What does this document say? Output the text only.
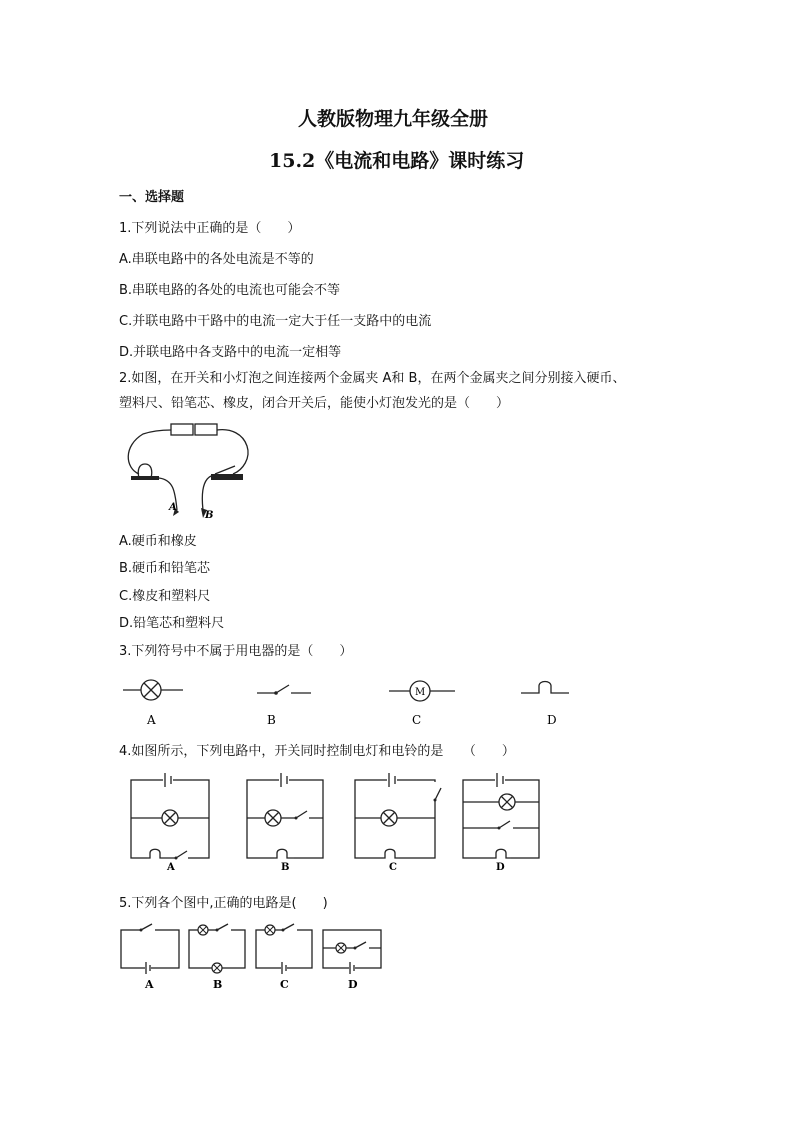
人教版物理九年级全册
15.2《电流和电路》课时练习
一、选择题
1.下列说法中正确的是（　　）
A.串联电路中的各处电流是不等的
B.串联电路的各处的电流也可能会不等
C.并联电路中干路中的电流一定大于任一支路中的电流
D.并联电路中各支路中的电流一定相等
2.如图，在开关和小灯泡之间连接两个金属夹 A和 B，在两个金属夹之间分别接入硬币、
塑料尺、铅笔芯、橡皮，闭合开关后，能使小灯泡发光的是（　　）
A
B
A.硬币和橡皮
B.硬币和铅笔芯
C.橡皮和塑料尺
D.铅笔芯和塑料尺
3.下列符号中不属于用电器的是（　　）
A	B
M
C	D
4.如图所示，下列电路中，开关同时控制电灯和电铃的是　　（　　）
A	B	C	D
5.下列各个图中,正确的电路是(　　)
A	B	C	D
